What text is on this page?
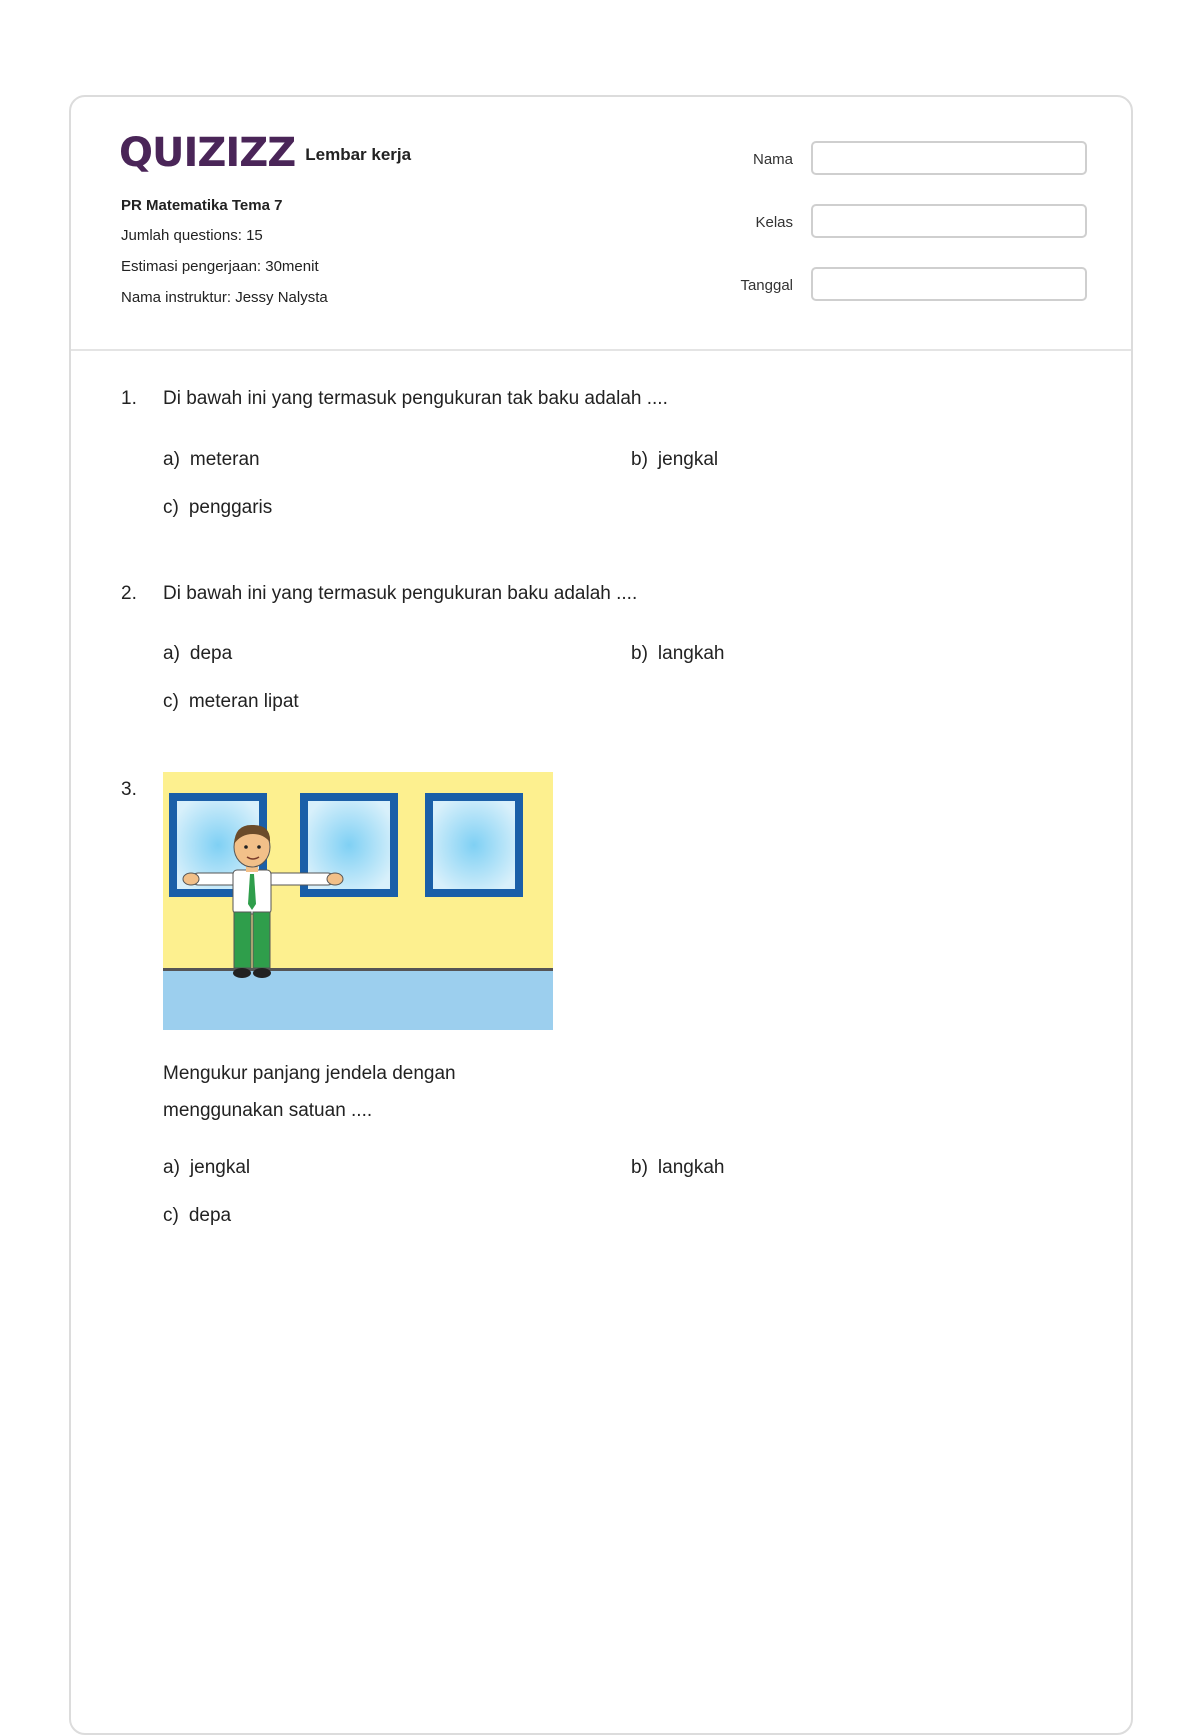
QUIZIZZ Lembar kerja
PR Matematika Tema 7
Jumlah questions: 15
Estimasi pengerjaan: 30menit
Nama instruktur: Jessy Nalysta
Nama
Kelas
Tanggal
1. Di bawah ini yang termasuk pengukuran tak baku adalah ....
a) meteran	b) jengkal
c) penggaris
2. Di bawah ini yang termasuk pengukuran baku adalah ....
a) depa	b) langkah
c) meteran lipat
3.
Mengukur panjang jendela dengan
menggunakan satuan ....
a) jengkal	b) langkah
c) depa
